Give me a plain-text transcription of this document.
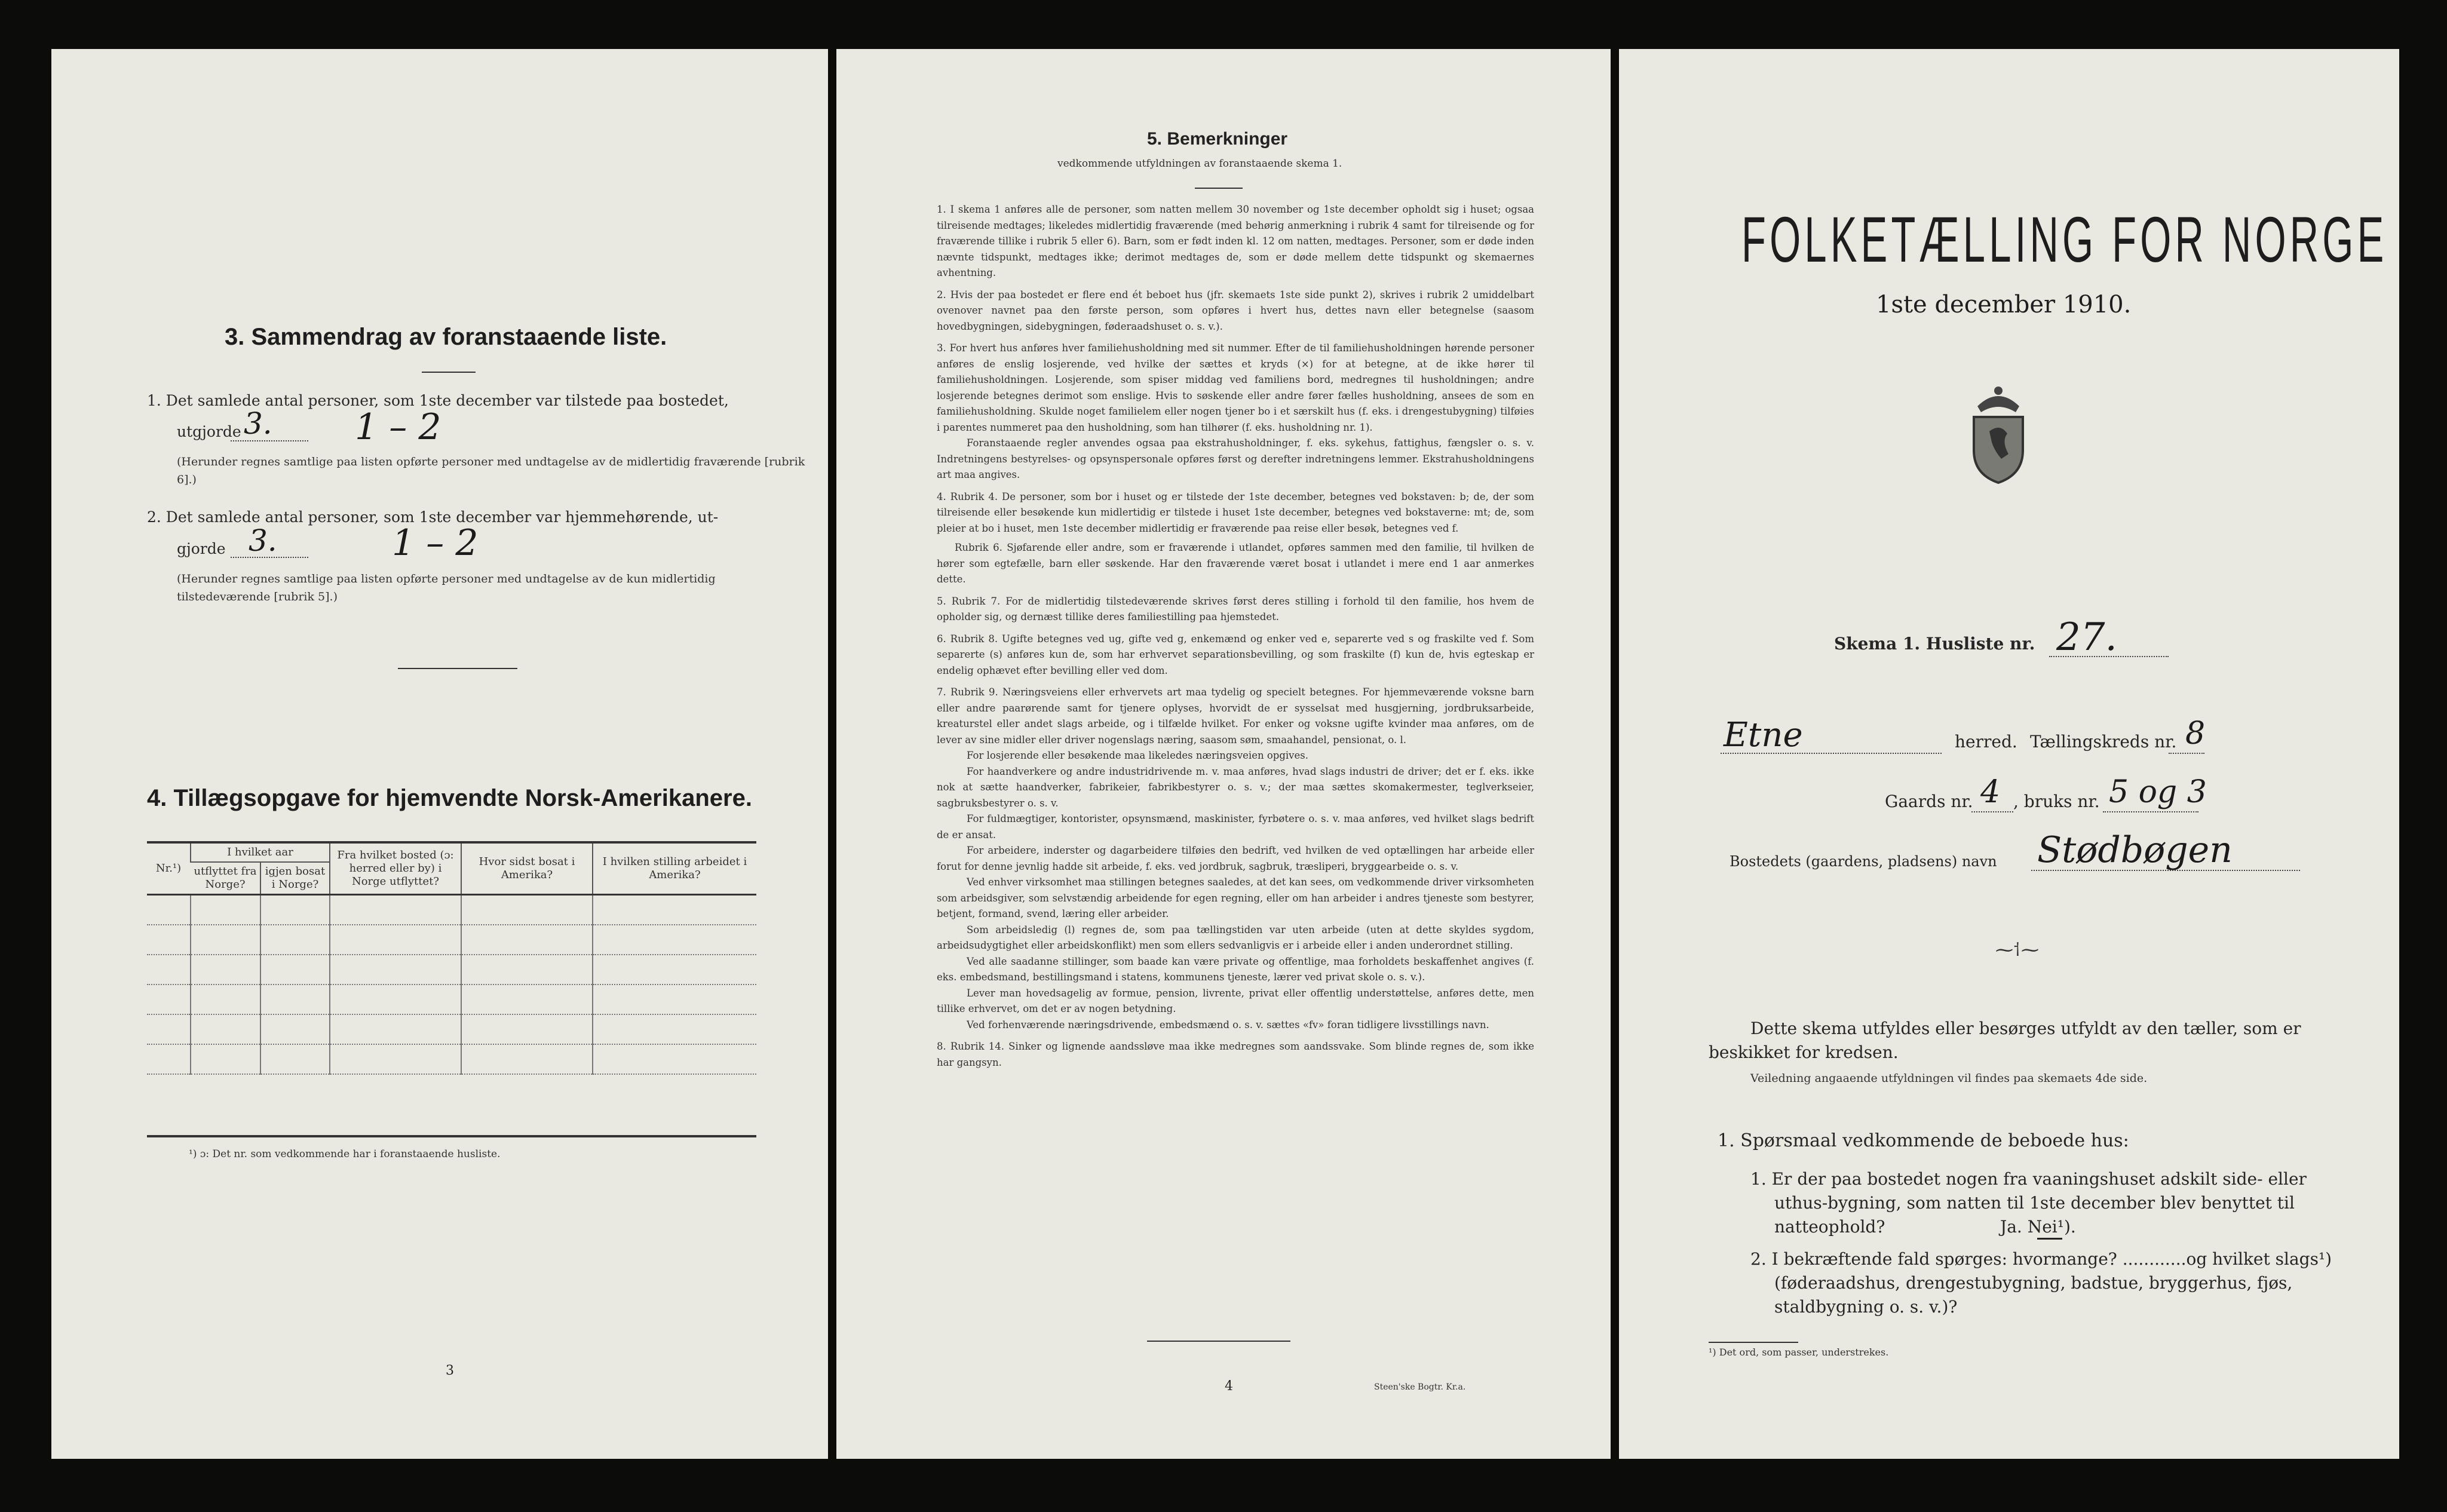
3. Sammendrag av foranstaaende liste.
1. Det samlede antal personer, som 1ste december var tilstede paa bostedet,
utgjorde 3. 1 – 2
(Herunder regnes samtlige paa listen opførte personer med undtagelse av de midlertidig fraværende [rubrik 6].)
2. Det samlede antal personer, som 1ste december var hjemmehørende, ut-
gjorde 3.	1 – 2
(Herunder regnes samtlige paa listen opførte personer med undtagelse av de kun midlertidig tilstedeværende [rubrik 5].)
4. Tillægsopgave for hjemvendte Norsk-Amerikanere.
Nr.¹)	I hvilket aar		Fra hvilket bosted (ɔ: herred eller by) i Norge utflyttet?	Hvor sidst bosat i Amerika?	I hvilken stilling arbeidet i Amerika?
	utflyttet fra Norge?	igjen bosat i Norge?			

¹) ɔ: Det nr. som vedkommende har i foranstaaende husliste.
3
5. Bemerkninger
vedkommende utfyldningen av foranstaaende skema 1.
1. I skema 1 anføres alle de personer, som natten mellem 30 november og 1ste december opholdt sig i huset; ogsaa tilreisende medtages; likeledes midlertidig fraværende (med behørig anmerkning i rubrik 4 samt for tilreisende og for fraværende tillike i rubrik 5 eller 6). Barn, som er født inden kl. 12 om natten, medtages. Personer, som er døde inden nævnte tidspunkt, medtages ikke; derimot medtages de, som er døde mellem dette tidspunkt og skemaernes avhentning.
2. Hvis der paa bostedet er flere end ét beboet hus (jfr. skemaets 1ste side punkt 2), skrives i rubrik 2 umiddelbart ovenover navnet paa den første person, som opføres i hvert hus, dettes navn eller betegnelse (saasom hovedbygningen, sidebygningen, føderaadshuset o. s. v.).
3. For hvert hus anføres hver familiehusholdning med sit nummer. Efter de til familiehusholdningen hørende personer anføres de enslig losjerende, ved hvilke der sættes et kryds (×) for at betegne, at de ikke hører til familiehusholdningen. Losjerende, som spiser middag ved familiens bord, medregnes til husholdningen; andre losjerende betegnes derimot som enslige. Hvis to søskende eller andre fører fælles husholdning, ansees de som en familiehusholdning. Skulde noget familielem eller nogen tjener bo i et særskilt hus (f. eks. i drengestubygning) tilføies i parentes nummeret paa den husholdning, som han tilhører (f. eks. husholdning nr. 1).
Foranstaaende regler anvendes ogsaa paa ekstrahusholdninger, f. eks. sykehus, fattighus, fængsler o. s. v. Indretningens bestyrelses- og opsynspersonale opføres først og derefter indretningens lemmer. Ekstrahusholdningens art maa angives.
4. Rubrik 4. De personer, som bor i huset og er tilstede der 1ste december, betegnes ved bokstaven: b; de, der som tilreisende eller besøkende kun midlertidig er tilstede i huset 1ste december, betegnes ved bokstaverne: mt; de, som pleier at bo i huset, men 1ste december midlertidig er fraværende paa reise eller besøk, betegnes ved f.
Rubrik 6. Sjøfarende eller andre, som er fraværende i utlandet, opføres sammen med den familie, til hvilken de hører som egtefælle, barn eller søskende. Har den fraværende været bosat i utlandet i mere end 1 aar anmerkes dette.
5. Rubrik 7. For de midlertidig tilstedeværende skrives først deres stilling i forhold til den familie, hos hvem de opholder sig, og dernæst tillike deres familiestilling paa hjemstedet.
6. Rubrik 8. Ugifte betegnes ved ug, gifte ved g, enkemænd og enker ved e, separerte ved s og fraskilte ved f. Som separerte (s) anføres kun de, som har erhvervet separationsbevilling, og som fraskilte (f) kun de, hvis egteskap er endelig ophævet efter bevilling eller ved dom.
7. Rubrik 9. Næringsveiens eller erhvervets art maa tydelig og specielt betegnes. For hjemmeværende voksne barn eller andre paarørende samt for tjenere oplyses, hvorvidt de er sysselsat med husgjerning, jordbruksarbeide, kreaturstel eller andet slags arbeide, og i tilfælde hvilket. For enker og voksne ugifte kvinder maa anføres, om de lever av sine midler eller driver nogenslags næring, saasom søm, smaahandel, pensionat, o. l.
For losjerende eller besøkende maa likeledes næringsveien opgives.
For haandverkere og andre industridrivende m. v. maa anføres, hvad slags industri de driver; det er f. eks. ikke nok at sætte haandverker, fabrikeier, fabrikbestyrer o. s. v.; der maa sættes skomakermester, teglverkseier, sagbruksbestyrer o. s. v.
For fuldmægtiger, kontorister, opsynsmænd, maskinister, fyrbøtere o. s. v. maa anføres, ved hvilket slags bedrift de er ansat.
For arbeidere, inderster og dagarbeidere tilføies den bedrift, ved hvilken de ved optællingen har arbeide eller forut for denne jevnlig hadde sit arbeide, f. eks. ved jordbruk, sagbruk, træsliperi, bryggearbeide o. s. v.
Ved enhver virksomhet maa stillingen betegnes saaledes, at det kan sees, om vedkommende driver virksomheten som arbeidsgiver, som selvstændig arbeidende for egen regning, eller om han arbeider i andres tjeneste som bestyrer, betjent, formand, svend, læring eller arbeider.
Som arbeidsledig (l) regnes de, som paa tællingstiden var uten arbeide (uten at dette skyldes sygdom, arbeidsudygtighet eller arbeidskonflikt) men som ellers sedvanligvis er i arbeide eller i anden underordnet stilling.
Ved alle saadanne stillinger, som baade kan være private og offentlige, maa forholdets beskaffenhet angives (f. eks. embedsmand, bestillingsmand i statens, kommunens tjeneste, lærer ved privat skole o. s. v.).
Lever man hovedsagelig av formue, pension, livrente, privat eller offentlig understøttelse, anføres dette, men tillike erhvervet, om det er av nogen betydning.
Ved forhenværende næringsdrivende, embedsmænd o. s. v. sættes «fv» foran tidligere livsstillings navn.
8. Rubrik 14. Sinker og lignende aandssløve maa ikke medregnes som aandssvake. Som blinde regnes de, som ikke har gangsyn.
4	Steen'ske Bogtr. Kr.a.
FOLKETÆLLING FOR NORGE
1ste december 1910.
Skema 1. Husliste nr. 27.
Etne	herred. Tællingskreds nr. 8
Gaards nr. 4 , bruks nr. 5 og 3
Bostedets (gaardens, pladsens) navn Stødbøgen
⁓⸶⁓
Dette skema utfyldes eller besørges utfyldt av den tæller, som er beskikket for kredsen.
Veiledning angaaende utfyldningen vil findes paa skemaets 4de side.
1. Spørsmaal vedkommende de beboede hus:
1. Er der paa bostedet nogen fra vaaningshuset adskilt side- eller uthus-bygning, som natten til 1ste december blev benyttet til natteophold?	Ja. Nei¹).
2. I bekræftende fald spørges: hvormange? ............og hvilket slags¹) (føderaadshus, drengestubygning, badstue, bryggerhus, fjøs, staldbygning o. s. v.)?
¹) Det ord, som passer, understrekes.
